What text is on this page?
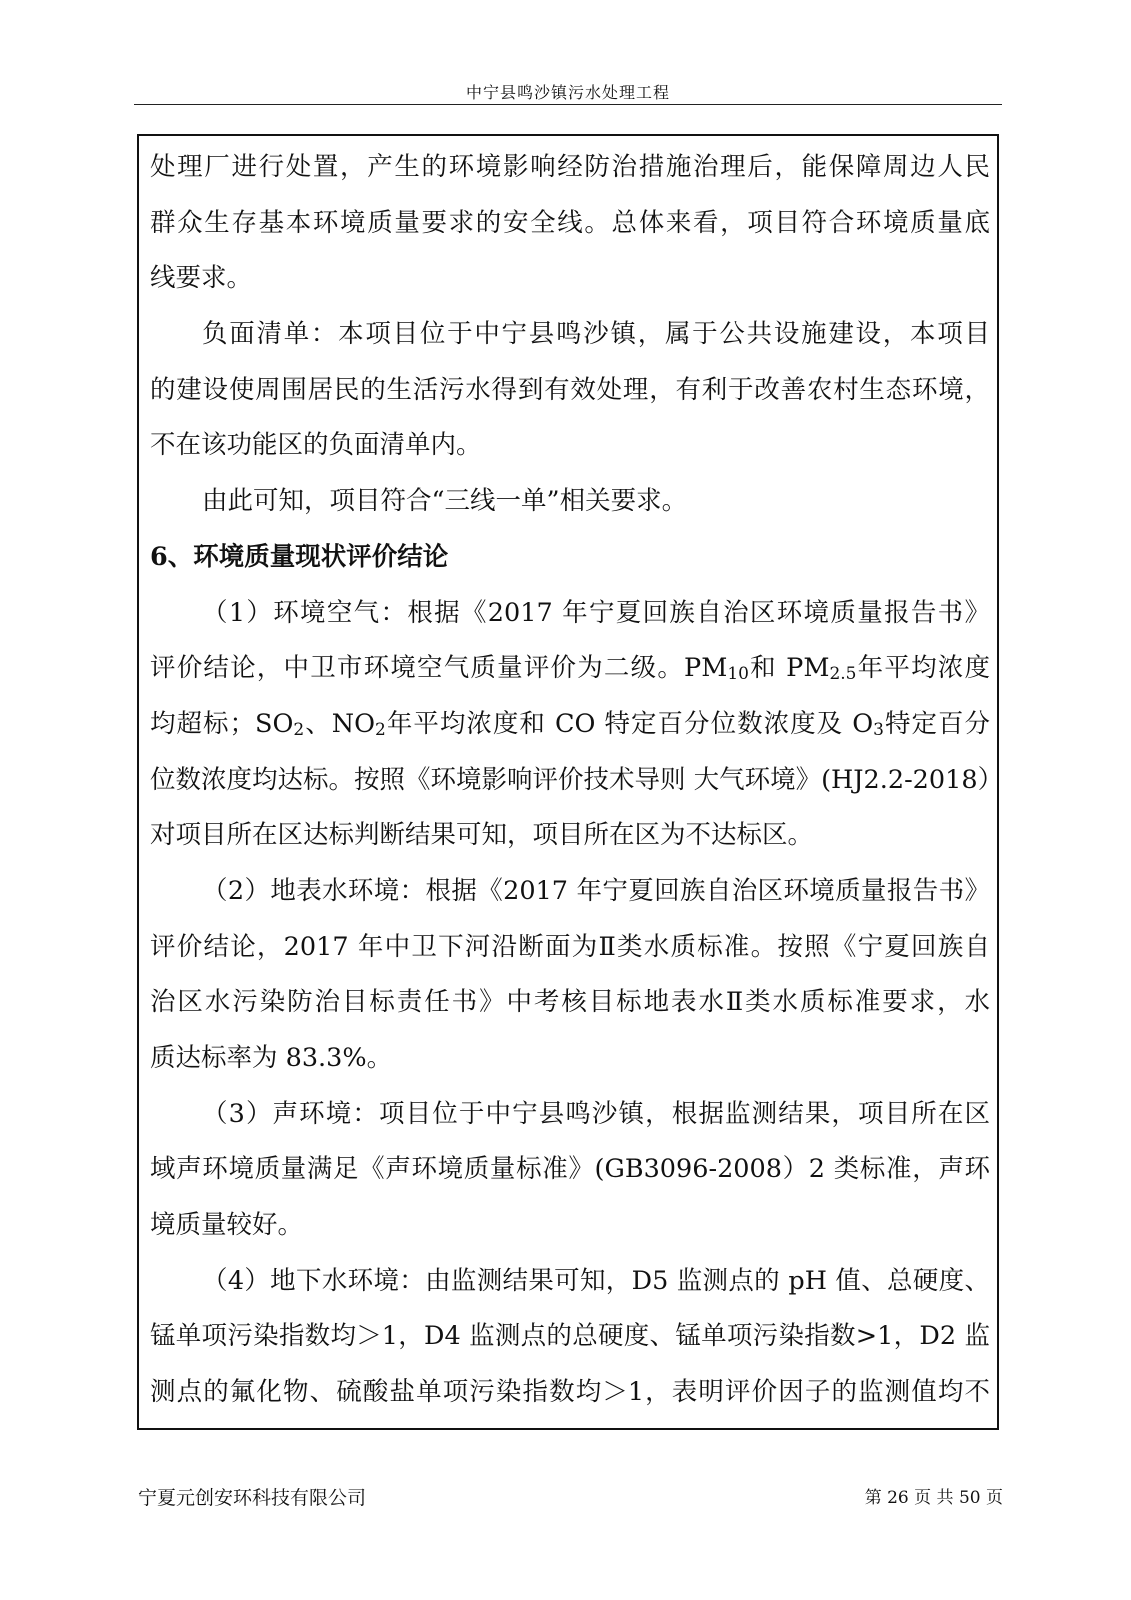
中宁县鸣沙镇污水处理工程
处理厂进行处置，产生的环境影响经防治措施治理后，能保障周边人民
群众生存基本环境质量要求的安全线。总体来看，项目符合环境质量底
线要求。
负面清单：本项目位于中宁县鸣沙镇，属于公共设施建设，本项目
的建设使周围居民的生活污水得到有效处理，有利于改善农村生态环境，
不在该功能区的负面清单内。
由此可知，项目符合“三线一单”相关要求。
6、环境质量现状评价结论
（1）环境空气：根据《2017 年宁夏回族自治区环境质量报告书》
评价结论，中卫市环境空气质量评价为二级。PM10和 PM2.5年平均浓度
均超标；SO2、NO2年平均浓度和 CO 特定百分位数浓度及 O3特定百分
位数浓度均达标。按照《环境影响评价技术导则 大气环境》(HJ2.2-2018）
对项目所在区达标判断结果可知，项目所在区为不达标区。
（2）地表水环境：根据《2017 年宁夏回族自治区环境质量报告书》
评价结论，2017 年中卫下河沿断面为Ⅱ类水质标准。按照《宁夏回族自
治区水污染防治目标责任书》中考核目标地表水Ⅱ类水质标准要求，水
质达标率为 83.3%。
（3）声环境：项目位于中宁县鸣沙镇，根据监测结果，项目所在区
域声环境质量满足《声环境质量标准》(GB3096-2008）2 类标准，声环
境质量较好。
（4）地下水环境：由监测结果可知，D5 监测点的 pH 值、总硬度、
锰单项污染指数均＞1，D4 监测点的总硬度、锰单项污染指数>1，D2 监
测点的氟化物、硫酸盐单项污染指数均＞1，表明评价因子的监测值均不
宁夏元创安环科技有限公司	第 26 页 共 50 页
